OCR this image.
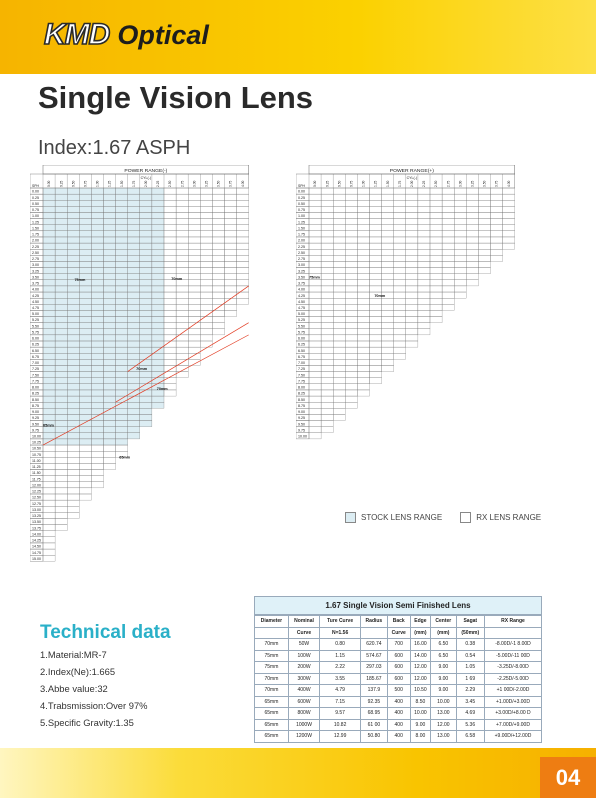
KMD Optical
Single Vision Lens
Index:1.67 ASPH
POWER RANGE(-)
CYL(-)
SPH	0.00 0.25 0.50 0.75 1.00 1.25 1.50 1.75 2.00 2.25 2.50 2.75 3.00 3.25 3.50 3.75 4.00
0.00
0.25
0.50
0.75
1.00
1.25
1.50
1.75
2.00
2.25
2.50
2.75
3.00
3.25
3.50
3.75
4.00
4.25
4.50
4.75
5.00
5.25
5.50
5.75
6.00
6.25
6.50
6.75
7.00
7.25
7.50
7.75
8.00
8.25
8.50
8.75
9.00
9.25
9.50
9.75
10.00
10.25
10.50
10.75
11.00
11.25
11.50
11.75
12.00
12.25
12.50
12.75
13.00
13.25
13.50
13.75
14.00
14.25
14.50
14.75
15.00
75mm	70mm
70mm
70mm
65mm
65mm
POWER RANGE(+)
CYL(-)
SPH	0.00 0.25 0.50 0.75 1.00 1.25 1.50 1.75 2.00 2.25 2.50 2.75 3.00 3.25 3.50 3.75 4.00
0.00
0.25
0.50
0.75
1.00
1.25
1.50
1.75
2.00
2.25
2.50
2.75
3.00
3.25
3.50
3.75
4.00
4.25
4.50
4.75
5.00
5.25
5.50
5.75
6.00
6.25
6.50
6.75
7.00
7.25
7.50
7.75
8.00
8.25
8.50
8.75
9.00
9.25
9.50
9.75
10.00
75mm
70mm
STOCK LENS RANGE	RX LENS RANGE
Technical data
1.Material:MR-7
2.Index(Ne):1.665
3.Abbe value:32
4.Trabsmission:Over 97%
5.Specific Gravity:1.35
1.67 Single Vision Semi Finished Lens
Diameter	Nominal	Ture Curve	Radius	Back	Edge	Center	Sagat	RX Range
	Curve	N=1.56		Curve	(mm)	(mm)	(50mm)	
70mm	50W	0.80	620.74	700	16.00	6.50	0.38	-8.00D/-1 8.00D
75mm	100W	1.15	574.67	600	14.00	6.50	0.54	-5.00D/-11 00D
75mm	200W	2.22	297.03	600	12.00	9.00	1.05	-3.25D/-8.00D
70mm	300W	3.55	185.67	600	12.00	9.00	1 69	-2.25D/-5.00D
70mm	400W	4.79	137.9	500	10.50	9.00	2.29	+1 00D/-2.00D
65mm	600W	7.15	92.35	400	8.50	10.00	3.45	+1.00D/+3.00D
65mm	800W	9.57	68.95	400	10.00	13.00	4.69	+3.00D/+8.00 D
65mm	1000W	10.82	61 00	400	9.00	12.00	5.36	+7.00D/+9.00D
65mm	1200W	12.99	50.80	400	8.00	13.00	6.58	+9.00D/+12.00D
04
